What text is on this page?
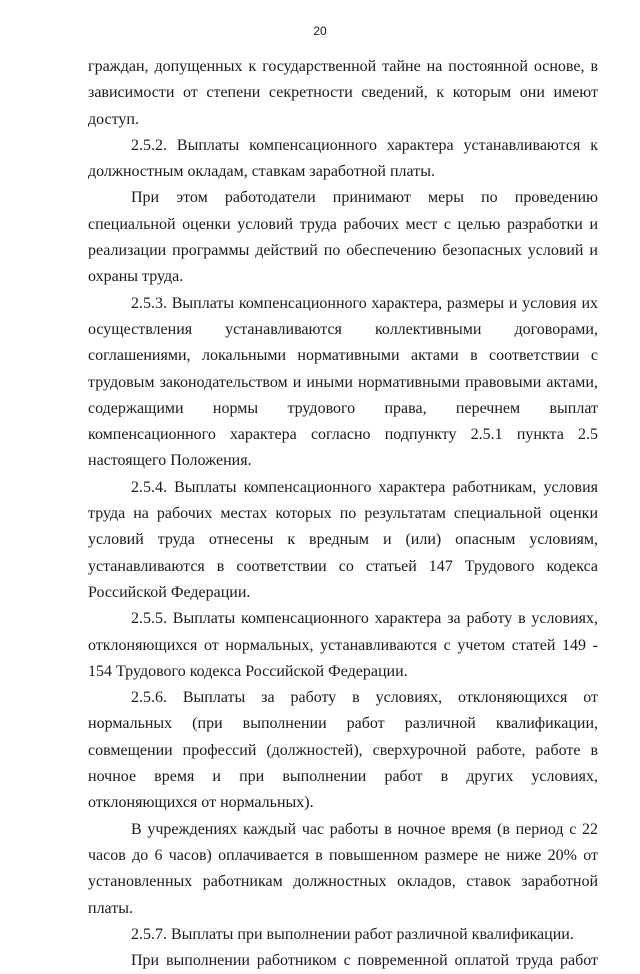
20

граждан, допущенных к государственной тайне на постоянной основе, в зависимости от степени секретности сведений, к которым они имеют доступ.

2.5.2. Выплаты компенсационного характера устанавливаются к должностным окладам, ставкам заработной платы.

При этом работодатели принимают меры по проведению специальной оценки условий труда рабочих мест с целью разработки и реализации программы действий по обеспечению безопасных условий и охраны труда.

2.5.3. Выплаты компенсационного характера, размеры и условия их осуществления устанавливаются коллективными договорами, соглашениями, локальными нормативными актами в соответствии с трудовым законодательством и иными нормативными правовыми актами, содержащими нормы трудового права, перечнем выплат компенсационного характера согласно подпункту 2.5.1 пункта 2.5 настоящего Положения.

2.5.4. Выплаты компенсационного характера работникам, условия труда на рабочих местах которых по результатам специальной оценки условий труда отнесены к вредным и (или) опасным условиям, устанавливаются в соответствии со статьей 147 Трудового кодекса Российской Федерации.

2.5.5. Выплаты компенсационного характера за работу в условиях, отклоняющихся от нормальных, устанавливаются с учетом статей 149 - 154 Трудового кодекса Российской Федерации.

2.5.6. Выплаты за работу в условиях, отклоняющихся от нормальных (при выполнении работ различной квалификации, совмещении профессий (должностей), сверхурочной работе, работе в ночное время и при выполнении работ в других условиях, отклоняющихся от нормальных).

В учреждениях каждый час работы в ночное время (в период с 22 часов до 6 часов) оплачивается в повышенном размере не ниже 20% от установленных работникам должностных окладов, ставок заработной платы.

2.5.7. Выплаты при выполнении работ различной квалификации.

При выполнении работником с повременной оплатой труда работ
